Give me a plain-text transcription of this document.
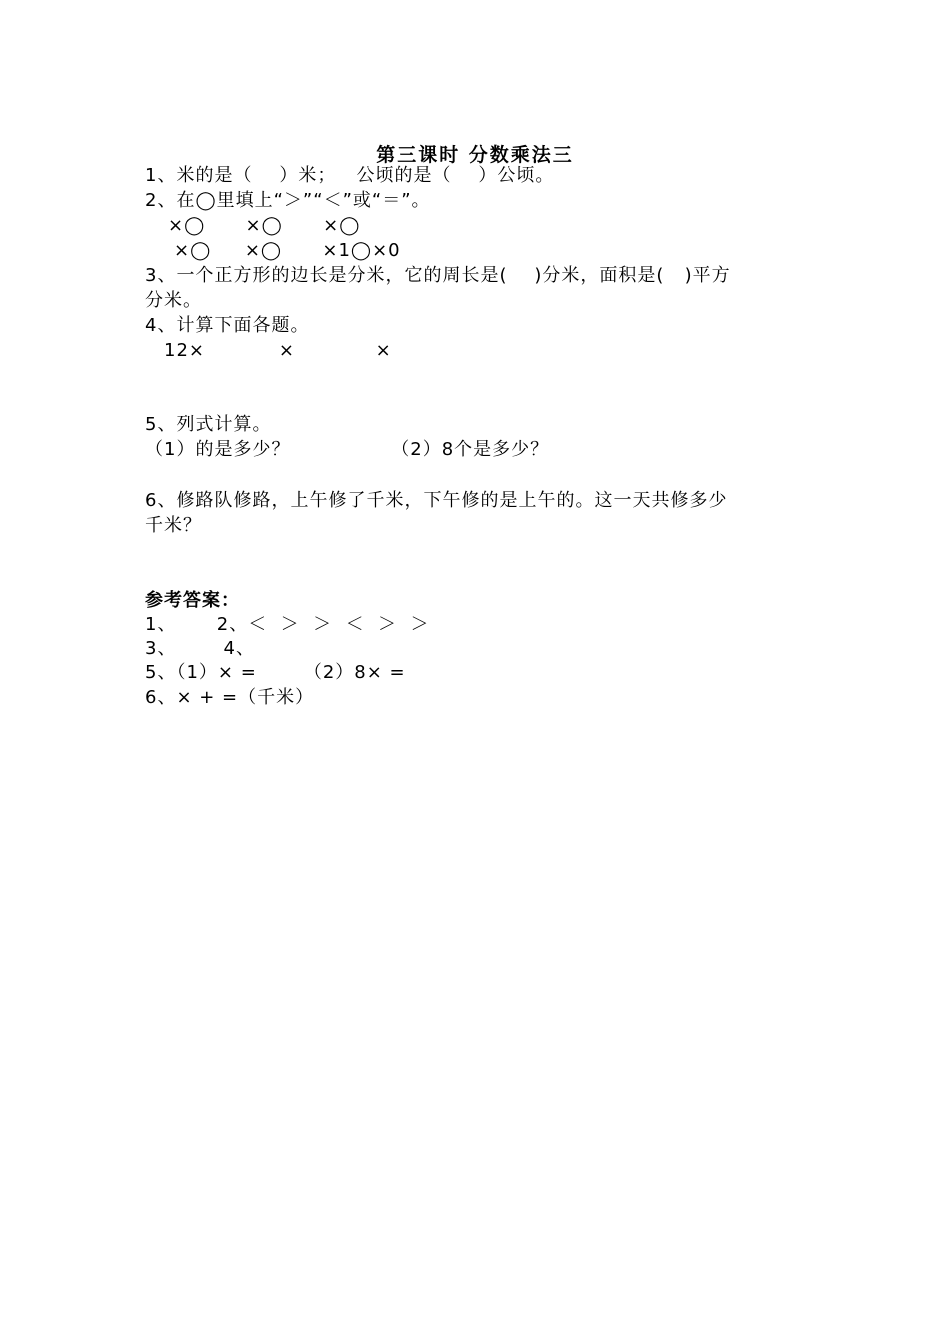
第三课时 分数乘法三
1、米的是（    ）米；   公顷的是（    ）公顷。
2、在◯里填上“＞”“＜”或“＝”。
×◯      ×◯      ×◯
×◯     ×◯      ×1◯×0
3、一个正方形的边长是分米，它的周长是(    )分米，面积是(   )平方
分米。
4、计算下面各题。
12×           ×            ×
5、列式计算。
（1）的是多少？               （2）8个是多少？
6、修路队修路，上午修了千米，下午修的是上午的。这一天共修多少
千米？
参考答案：
1、      2、＜  ＞  ＞  ＜  ＞  ＞
3、       4、
5、（1）× =       （2）8× =
6、× + =（千米）
